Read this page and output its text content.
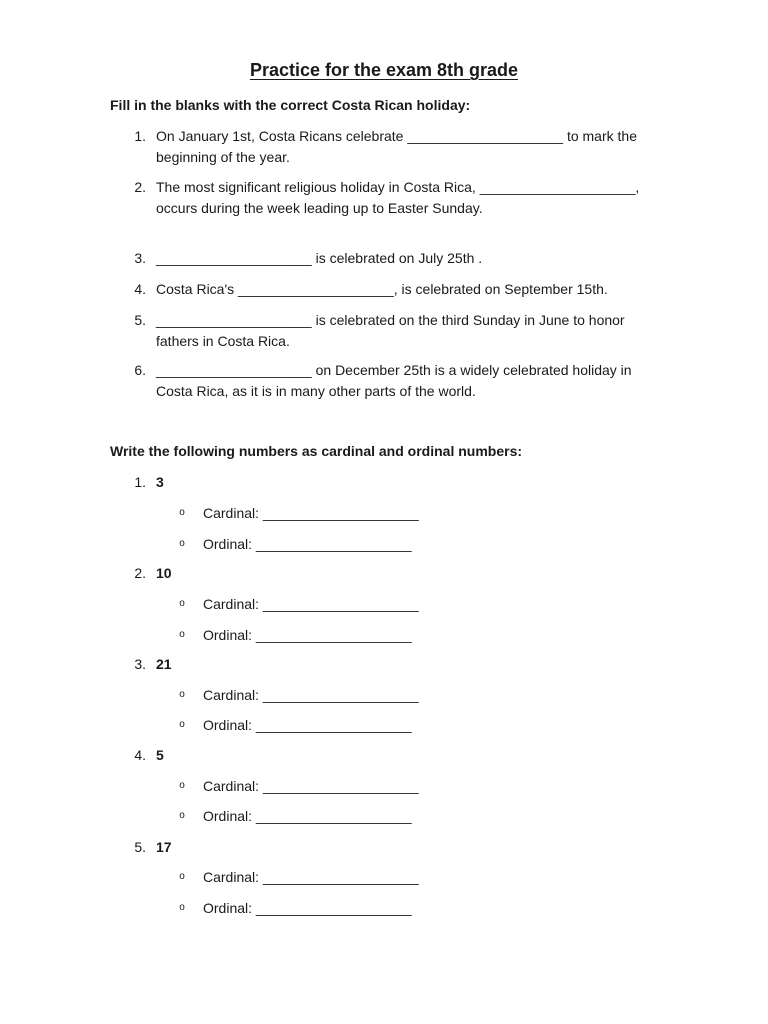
Practice for the exam 8th grade
Fill in the blanks with the correct Costa Rican holiday:
1. On January 1st, Costa Ricans celebrate ____________________ to mark the beginning of the year.
2. The most significant religious holiday in Costa Rica, ____________________, occurs during the week leading up to Easter Sunday.
3. ____________________ is celebrated on July 25th .
4. Costa Rica's ____________________, is celebrated on September 15th.
5. ____________________ is celebrated on the third Sunday in June to honor fathers in Costa Rica.
6. ____________________ on December 25th is a widely celebrated holiday in Costa Rica, as it is in many other parts of the world.
Write the following numbers as cardinal and ordinal numbers:
1. 3
o Cardinal: ____________________
o Ordinal: ____________________
2. 10
o Cardinal: ____________________
o Ordinal: ____________________
3. 21
o Cardinal: ____________________
o Ordinal: ____________________
4. 5
o Cardinal: ____________________
o Ordinal: ____________________
5. 17
o Cardinal: ____________________
o Ordinal: ____________________
